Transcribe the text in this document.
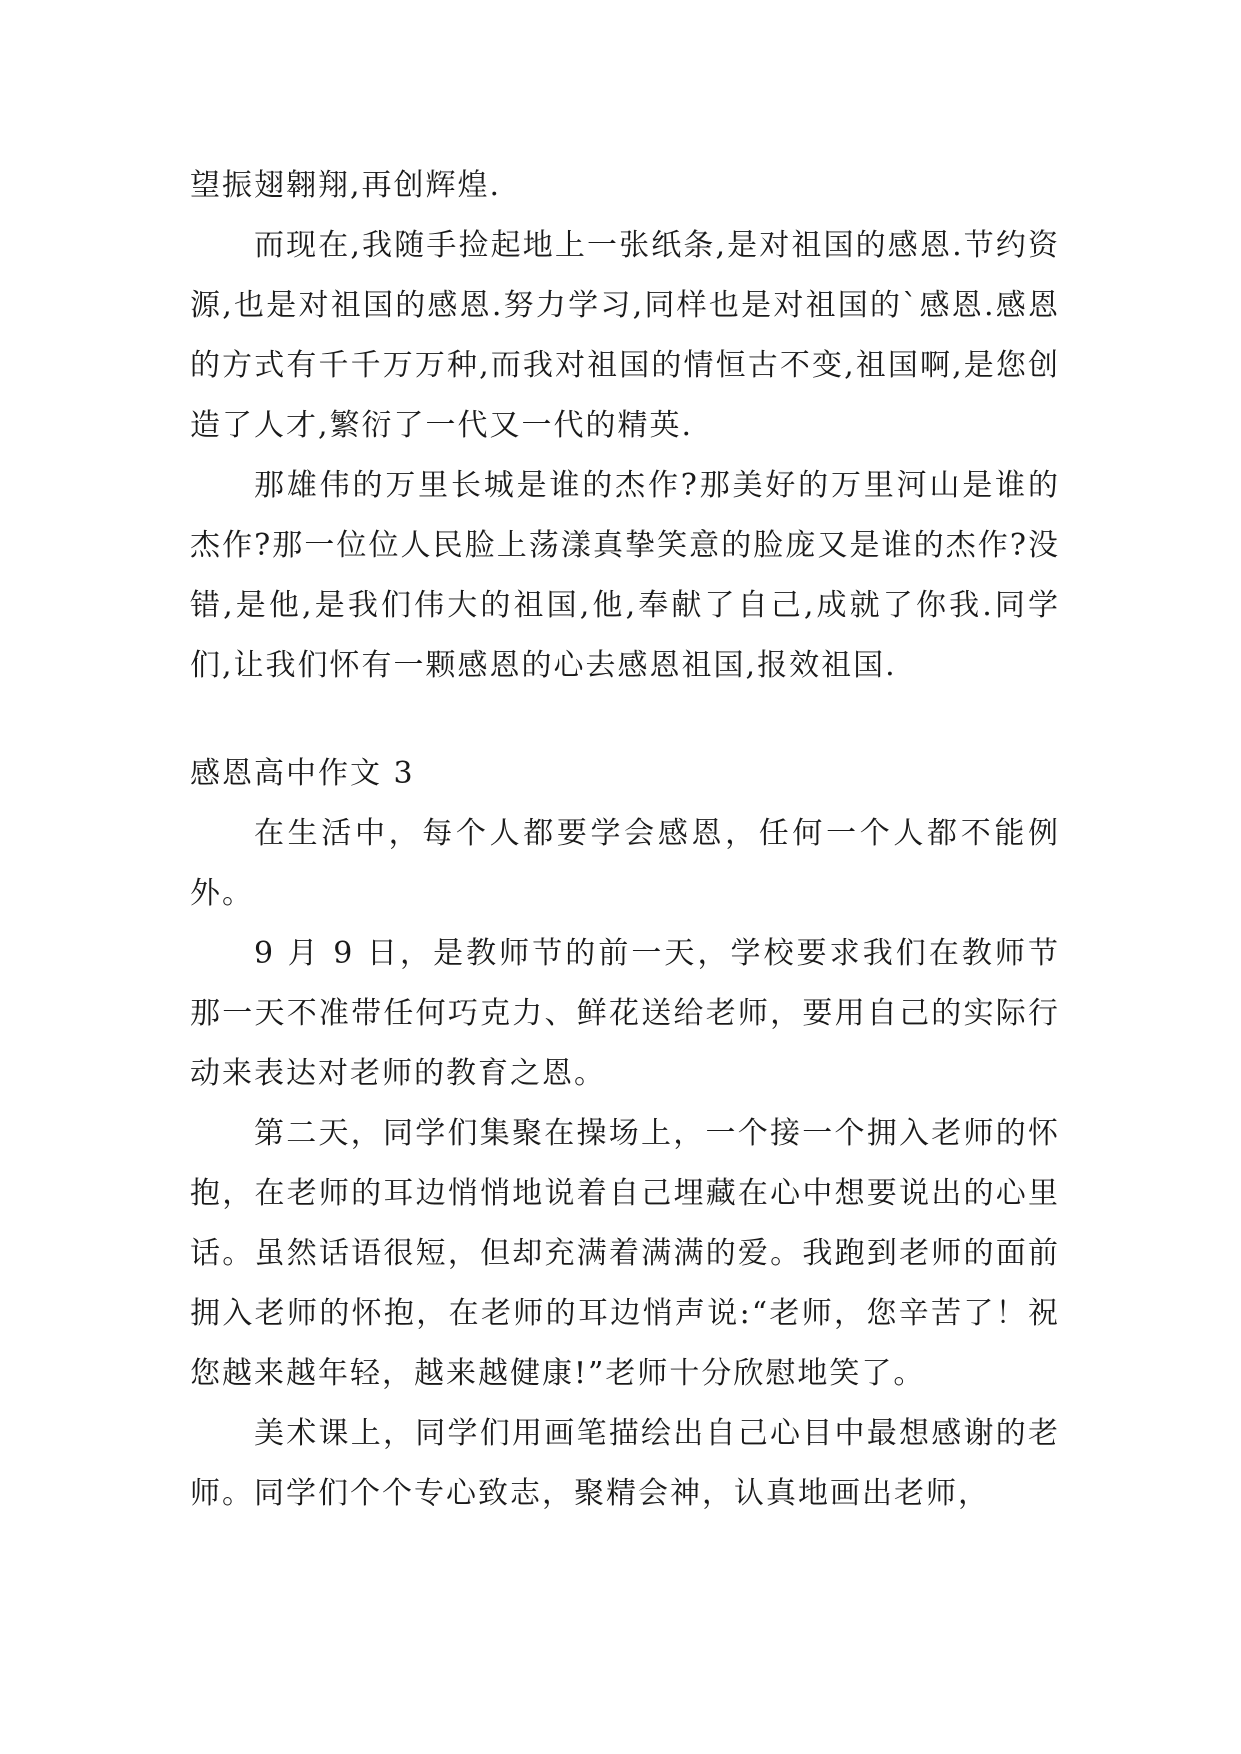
望振翅翱翔,再创辉煌.

而现在,我随手捡起地上一张纸条,是对祖国的感恩.节约资源,也是对祖国的感恩.努力学习,同样也是对祖国的`感恩.感恩的方式有千千万万种,而我对祖国的情恒古不变,祖国啊,是您创造了人才,繁衍了一代又一代的精英.

那雄伟的万里长城是谁的杰作?那美好的万里河山是谁的杰作?那一位位人民脸上荡漾真挚笑意的脸庞又是谁的杰作?没错,是他,是我们伟大的祖国,他,奉献了自己,成就了你我.同学们,让我们怀有一颗感恩的心去感恩祖国,报效祖国.

感恩高中作文 3

在生活中，每个人都要学会感恩，任何一个人都不能例外。

9 月 9 日，是教师节的前一天，学校要求我们在教师节那一天不准带任何巧克力、鲜花送给老师，要用自己的实际行动来表达对老师的教育之恩。

第二天，同学们集聚在操场上，一个接一个拥入老师的怀抱，在老师的耳边悄悄地说着自己埋藏在心中想要说出的心里话。虽然话语很短，但却充满着满满的爱。我跑到老师的面前拥入老师的怀抱，在老师的耳边悄声说:“老师，您辛苦了！祝您越来越年轻，越来越健康!”老师十分欣慰地笑了。

美术课上，同学们用画笔描绘出自己心目中最想感谢的老师。同学们个个专心致志，聚精会神，认真地画出老师，
